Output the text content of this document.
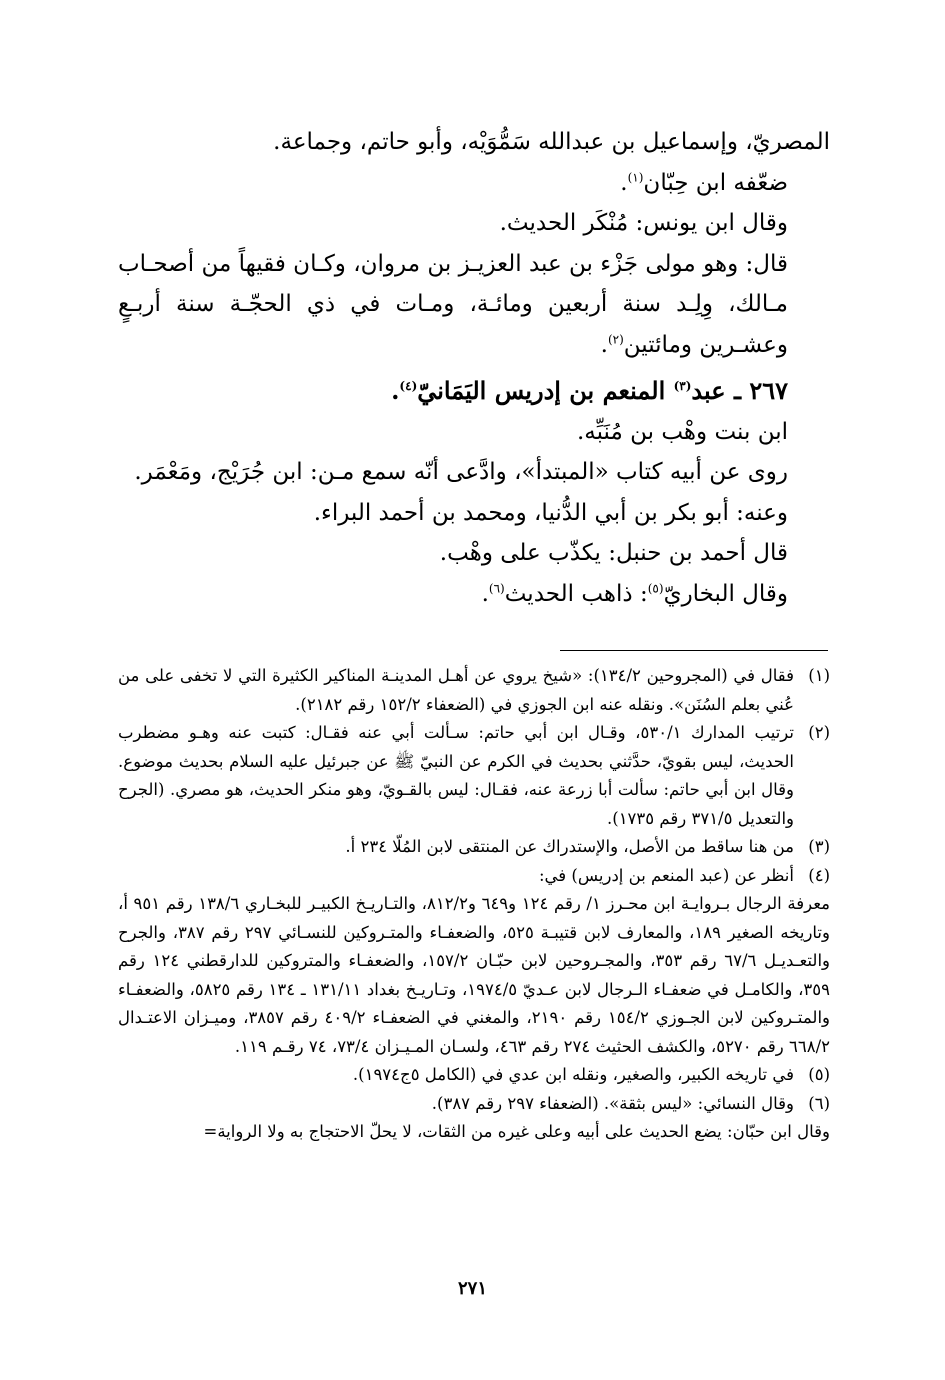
المصريّ، وإسماعيل بن عبدالله سَمُّوَيْه، وأبو حاتم، وجماعة.

ضعّفه ابن حِبّان$^{(١)}$.

وقال ابن يونس: مُنْكَر الحديث.

قال: وهو مولى جَزْء بن عبد العزيـز بن مروان، وكـان فقيهاً من أصحـاب مـالك، وِلِـد سنة أربعين ومائـة، ومـات في ذي الحجّـة سنة أربـعٍ وعشـرين ومائتين$^{(٢)}$.

٢٦٧ ـ عبد$^{(٣)}$ المنعم بن إدريس اليَمَانيّ$^{(٤)}$.

ابن بنت وهْب بن مُنَبِّه.

روى عن أبيه كتاب «المبتدأ»، وادَّعى أنّه سمع مـن: ابن جُرَيْج، ومَعْمَر.

وعنه: أبو بكر بن أبي الدُّنيا، ومحمد بن أحمد البراء.

قال أحمد بن حنبل: يكذّب على وهْب.

وقال البخاريّ$^{(٥)}$: ذاهب الحديث$^{(٦)}$.

(١)
فقال في (المجروحين ١٣٤/٢): «شيخ يروي عن أهـل المدينـة المناكير الكثيرة التي لا تخفى على من عُني بعلم السُنَن». ونقله عنه ابن الجوزي في (الضعفاء ١٥٢/٢ رقم ٢١٨٢).
(٢)
ترتيب المدارك ٥٣٠/١، وقـال ابن أبي حاتم: سـألت أبي عنه فقـال: كتبت عنه وهـو مضطرب الحديث، ليس بقويّ، حدَّثني بحديث في الكرم عن النبيّ ﷺ عن جبرئيل عليه السلام بحديث موضوع. وقال ابن أبي حاتم: سألت أبا زرعة عنه، فقـال: ليس بالقـويّ، وهو منكر الحديث، هو مصري. (الجرح والتعديل ٣٧١/٥ رقم ١٧٣٥).
(٣)
من هنا ساقط من الأصل، والإستدراك عن المنتقى لابن المُلّا ٢٣٤ أ.
(٤)
أنظر عن (عبد المنعم بن إدريس) في:
معرفة الرجال بـروايـة ابن محـرز ١/ رقم ١٢٤ و٦٤٩ و٨١٢/٢، والتـاريـخ الكبيـر للبخـاري ١٣٨/٦ رقم ٩٥١ أ، وتاريخه الصغير ١٨٩، والمعارف لابن قتيبـة ٥٢٥، والضعفـاء والمتـروكين للنسـائي ٢٩٧ رقم ٣٨٧، والجرح والتعـديـل ٦٧/٦ رقم ٣٥٣، والمجـروحين لابن حبّـان ١٥٧/٢، والضعفـاء والمتروكين للدارقطني ١٢٤ رقم ٣٥٩، والكامـل في ضعفـاء الـرجال لابن عـديّ ١٩٧٤/٥، وتـاريـخ بغداد ١٣١/١١ ـ ١٣٤ رقم ٥٨٢٥، والضعفـاء والمتـروكين لابن الجـوزي ١٥٤/٢ رقم ٢١٩٠، والمغني في الضعفـاء ٤٠٩/٢ رقم ٣٨٥٧، وميـزان الاعتـدال ٦٦٨/٢ رقم ٥٢٧٠، والكشف الحثيث ٢٧٤ رقم ٤٦٣، ولسـان المـيـزان ٧٣/٤، ٧٤ رقـم ١١٩.
(٥)
في تاريخه الكبير، والصغير، ونقله ابن عدي في (الكامل ٥ج١٩٧٤).
(٦)
وقال النسائي: «ليس بثقة». (الضعفاء ٢٩٧ رقم ٣٨٧).
وقال ابن حبّان: يضع الحديث على أبيه وعلى غيره من الثقات، لا يحلّ الاحتجاج به ولا الرواية=
٢٧١
